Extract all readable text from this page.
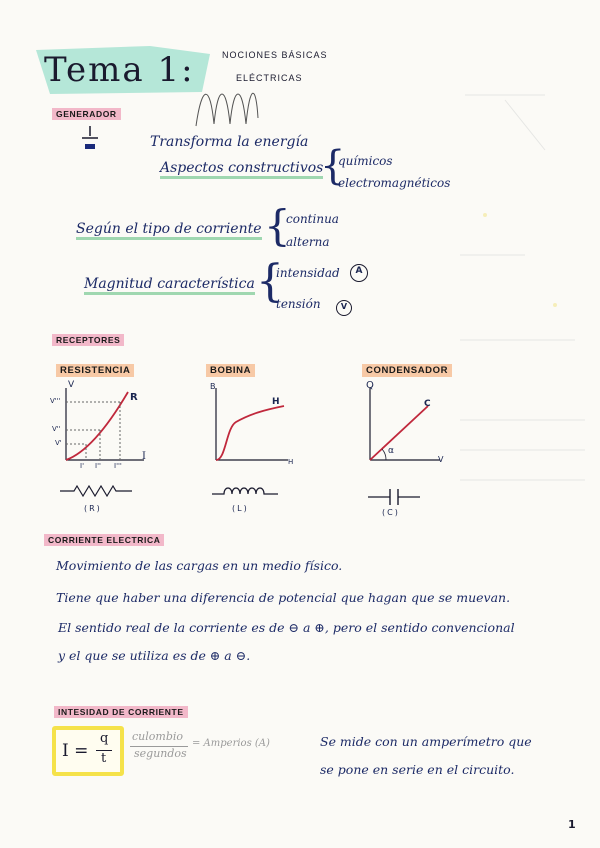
Tema 1:	NOCIONES BÁSICAS
ELÉCTRICAS
GENERADOR
Transforma la energía
Aspectos constructivos
{
químicos
electromagnéticos
Según el tipo de corriente {
continua
alterna
Magnitud característica {
intensidad
tensión
A
V
RECEPTORES
RESISTENCIA	BOBINA	CONDENSADOR
V
I
R
V'''
V''
V'
I' I'' I'''
(R)
B
H
H
(L)
Q
V
C
α
(C)
CORRIENTE ELECTRICA
Movimiento de las cargas en un medio físico.
Tiene que haber una diferencia de potencial que hagan que se muevan.
El sentido real de la corriente es de ⊖ a ⊕, pero el sentido convencional
y el que se utiliza es de ⊕ a ⊖.
INTESIDAD DE CORRIENTE
I =
q
t
culombio
segundos
= Amperios (A)	Se mide con un amperímetro que
se pone en serie en el circuito.
1
